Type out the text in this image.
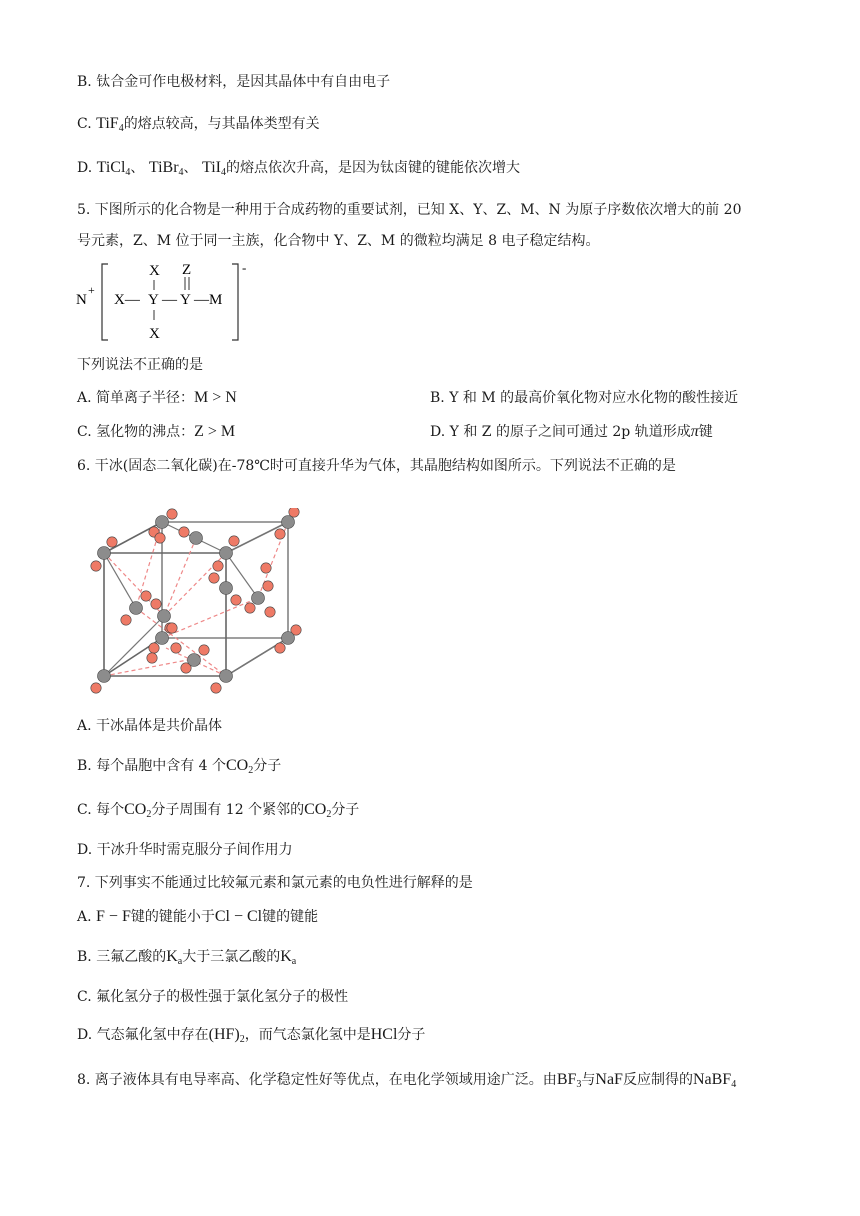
B. 钛合金可作电极材料，是因其晶体中有自由电子
C. TiF$_4$的熔点较高，与其晶体类型有关
D. TiCl$_4$、 TiBr$_4$、 TiI$_4$的熔点依次升高，是因为钛卤键的键能依次增大
5. 下图所示的化合物是一种用于合成药物的重要试剂，已知 X、Y、Z、M、N 为原子序数依次增大的前 20
号元素，Z、M 位于同一主族，化合物中 Y、Z、M 的微粒均满足 8 电子稳定结构。
N
+
-
X Z
X— Y — Y —M
X
下列说法不正确的是
A. 简单离子半径：M > N	B. Y 和 M 的最高价氧化物对应水化物的酸性接近
C. 氢化物的沸点：Z > M	D. Y 和 Z 的原子之间可通过 2p 轨道形成π键
6. 干冰(固态二氧化碳)在-78℃时可直接升华为气体，其晶胞结构如图所示。下列说法不正确的是
A. 干冰晶体是共价晶体
B. 每个晶胞中含有 4 个$CO_2$分子
C. 每个$CO_2$分子周围有 12 个紧邻的$CO_2$分子
D. 干冰升华时需克服分子间作用力
7. 下列事实不能通过比较氟元素和氯元素的电负性进行解释的是
A. F − F键的键能小于Cl − Cl键的键能
B. 三氟乙酸的$K_a$大于三氯乙酸的$K_a$
C. 氟化氢分子的极性强于氯化氢分子的极性
D. 气态氟化氢中存在$(HF)_2$，而气态氯化氢中是HCl分子
8. 离子液体具有电导率高、化学稳定性好等优点，在电化学领域用途广泛。由$BF_3$与NaF反应制得的NaBF$_4$
